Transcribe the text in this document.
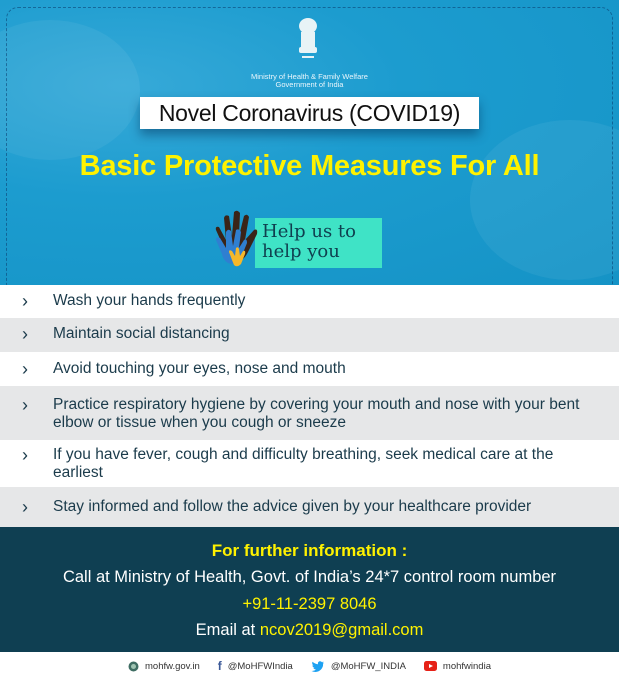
Ministry of Health & Family Welfare
Government of India
Novel Coronavirus (COVID19)
Basic Protective Measures For All
Help us to
help you
›	Wash your hands frequently
›	Maintain social distancing
›	Avoid touching your eyes, nose and mouth
›	Practice respiratory hygiene by covering your mouth and nose with your bent elbow or tissue when you cough or sneeze
›	If you have fever, cough and difficulty breathing, seek medical care at the earliest
›	Stay informed and follow the advice given by your healthcare provider
For further information :
Call at Ministry of Health, Govt. of India’s 24*7 control room number
+91-11-2397 8046
Email at ncov2019@gmail.com
mohfw.gov.in f @MoHFWIndia	@MoHFW_INDIA	mohfwindia
